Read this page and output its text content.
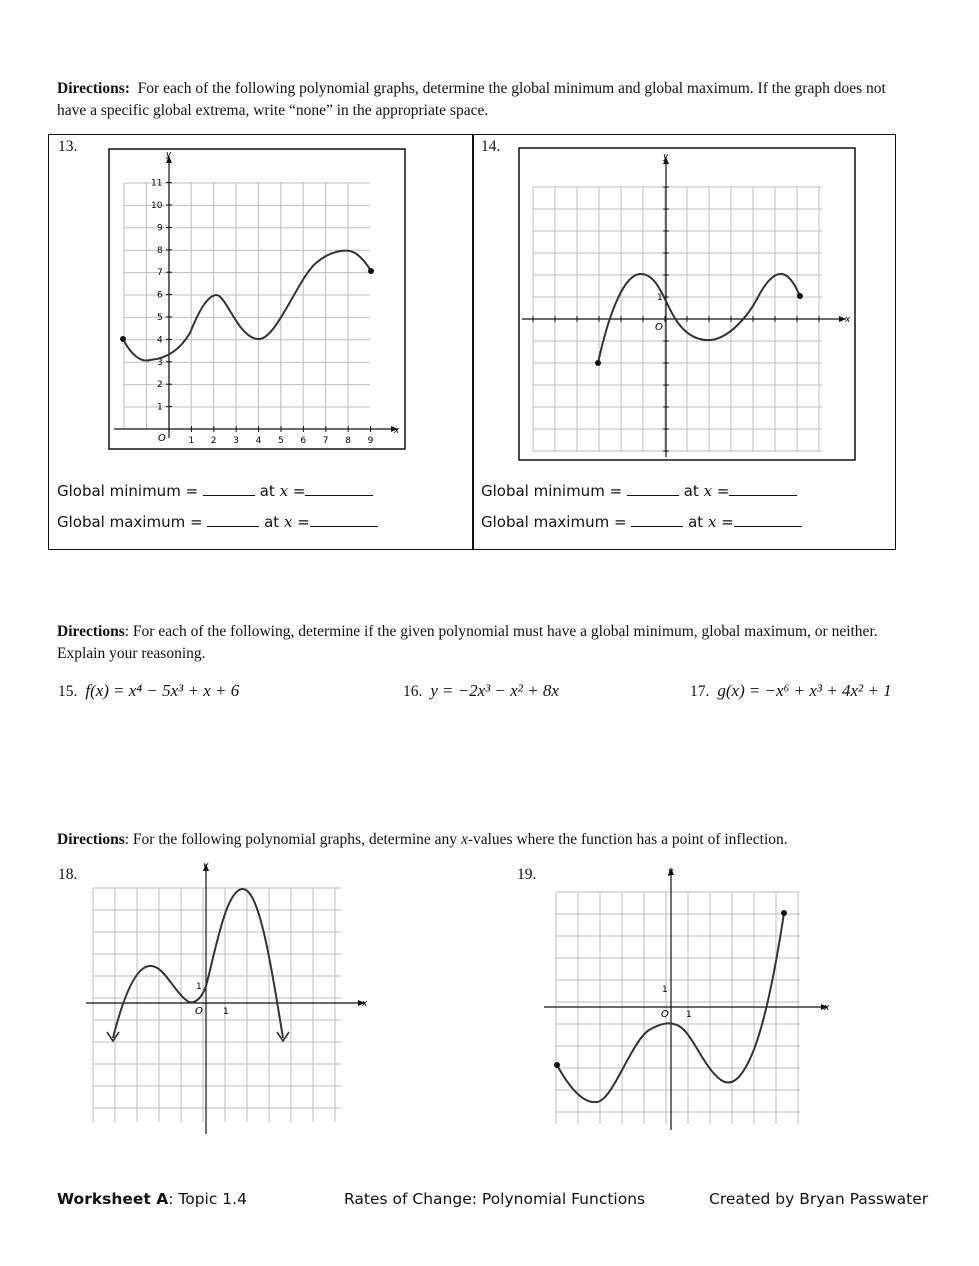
Directions: For each of the following polynomial graphs, determine the global minimum and global maximum. If the graph does not have a specific global extrema, write “none” in the appropriate space.
13.
1 2 3 4 5 6 7 8 9
1
2
3
4
5
6
7
8
9
10
11
O
x
y
Global minimum =	at x =
Global maximum =	at x =
14.
O
1
x
y
Global minimum =	at x =
Global maximum =	at x =
Directions: For each of the following, determine if the given polynomial must have a global minimum, global maximum, or neither. Explain your reasoning.
15. f(x) = x⁴ − 5x³ + x + 6	16. y = −2x³ − x² + 8x	17. g(x) = −x⁶ + x³ + 4x² + 1
Directions: For the following polynomial graphs, determine any x-values where the function has a point of inflection.
18.
O 1
1
x
y	19.
O 1
1
x
y
Worksheet A: Topic 1.4	Rates of Change: Polynomial Functions	Created by Bryan Passwater
